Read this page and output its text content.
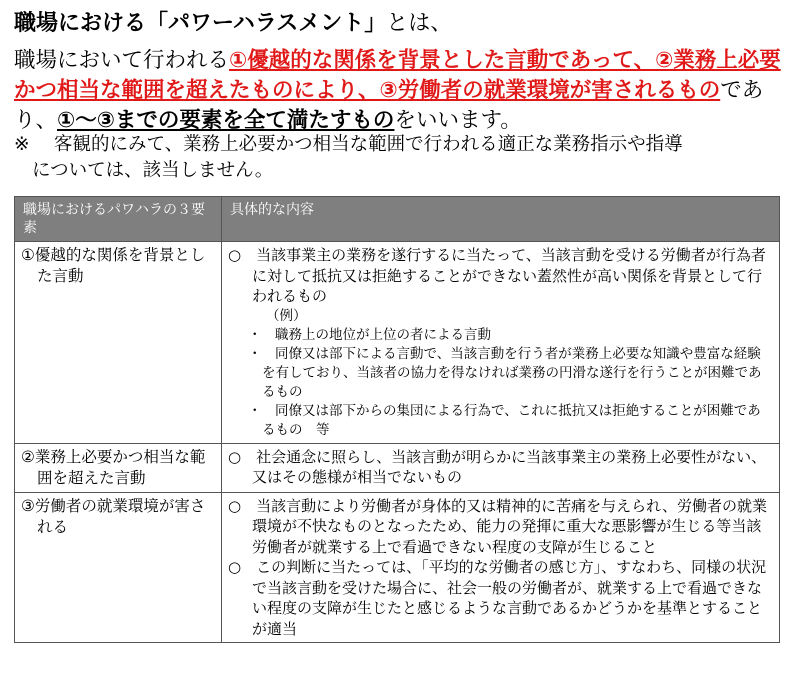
職場における「パワーハラスメント」とは、
職場において行われる①優越的な関係を背景とした言動であって、②業務上必要かつ相当な範囲を超えたものにより、③労働者の就業環境が害されるものであり、①～③までの要素を全て満たすものをいいます。
※ 客観的にみて、業務上必要かつ相当な範囲で行われる適正な業務指示や指導
については、該当しません。
職場におけるパワハラの３要素	具体的な内容

①優越的な関係を背景とした言動	○　 当該事業主の業務を遂行するに当たって、当該言動を受ける労働者が行為者に対して抵抗又は拒絶することができない蓋然性が高い関係を背景として行われるもの
（例）
・　 職務上の地位が上位の者による言動
・　 同僚又は部下による言動で、当該言動を行う者が業務上必要な知識や豊富な経験を有しており、当該者の協力を得なければ業務の円滑な遂行を行うことが困難であるもの
・　 同僚又は部下からの集団による行為で、これに抵抗又は拒絶することが困難であるもの　等

②業務上必要かつ相当な範囲を超えた言動	○　 社会通念に照らし、当該言動が明らかに当該事業主の業務上必要性がない、又はその態様が相当でないもの

③労働者の就業環境が害される	○　 当該言動により労働者が身体的又は精神的に苦痛を与えられ、労働者の就業環境が不快なものとなったため、能力の発揮に重大な悪影響が生じる等当該労働者が就業する上で看過できない程度の支障が生じること
○　 この判断に当たっては、「平均的な労働者の感じ方」、すなわち、同様の状況で当該言動を受けた場合に、社会一般の労働者が、就業する上で看過できない程度の支障が生じたと感じるような言動であるかどうかを基準とすることが適当
